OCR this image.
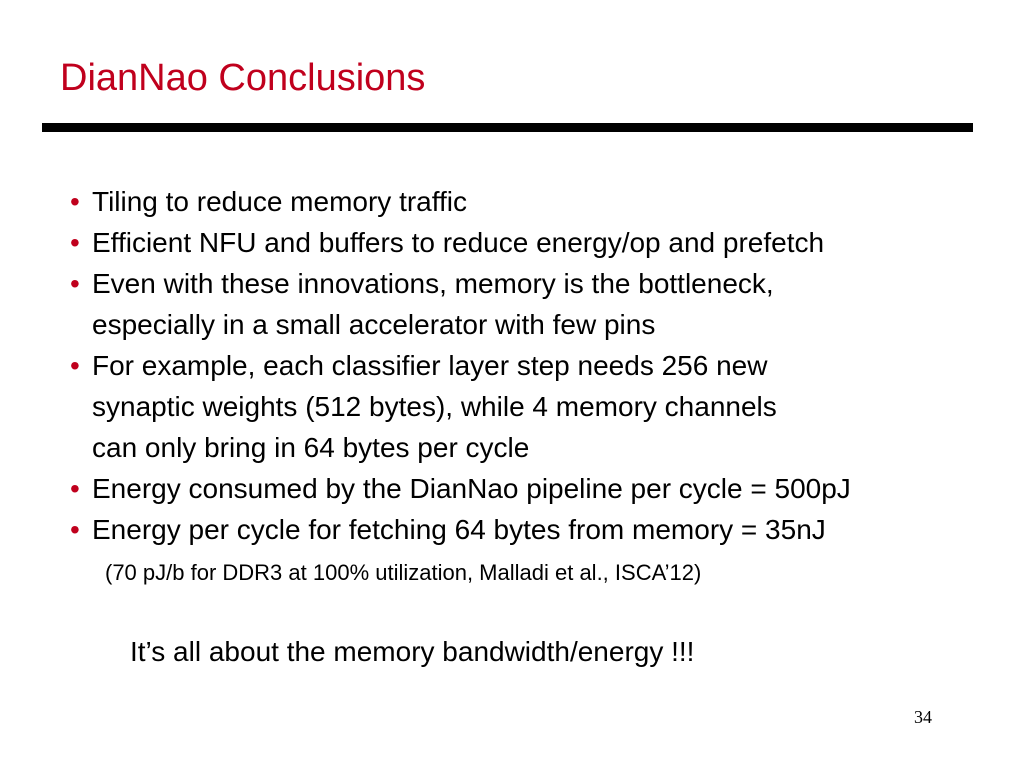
DianNao Conclusions
• Tiling to reduce memory traffic
• Efficient NFU and buffers to reduce energy/op and prefetch
• Even with these innovations, memory is the bottleneck,
especially in a small accelerator with few pins
• For example, each classifier layer step needs 256 new
synaptic weights (512 bytes), while 4 memory channels
can only bring in 64 bytes per cycle
• Energy consumed by the DianNao pipeline per cycle = 500pJ
• Energy per cycle for fetching 64 bytes from memory = 35nJ
(70 pJ/b for DDR3 at 100% utilization, Malladi et al., ISCA’12)
It’s all about the memory bandwidth/energy !!!
34
